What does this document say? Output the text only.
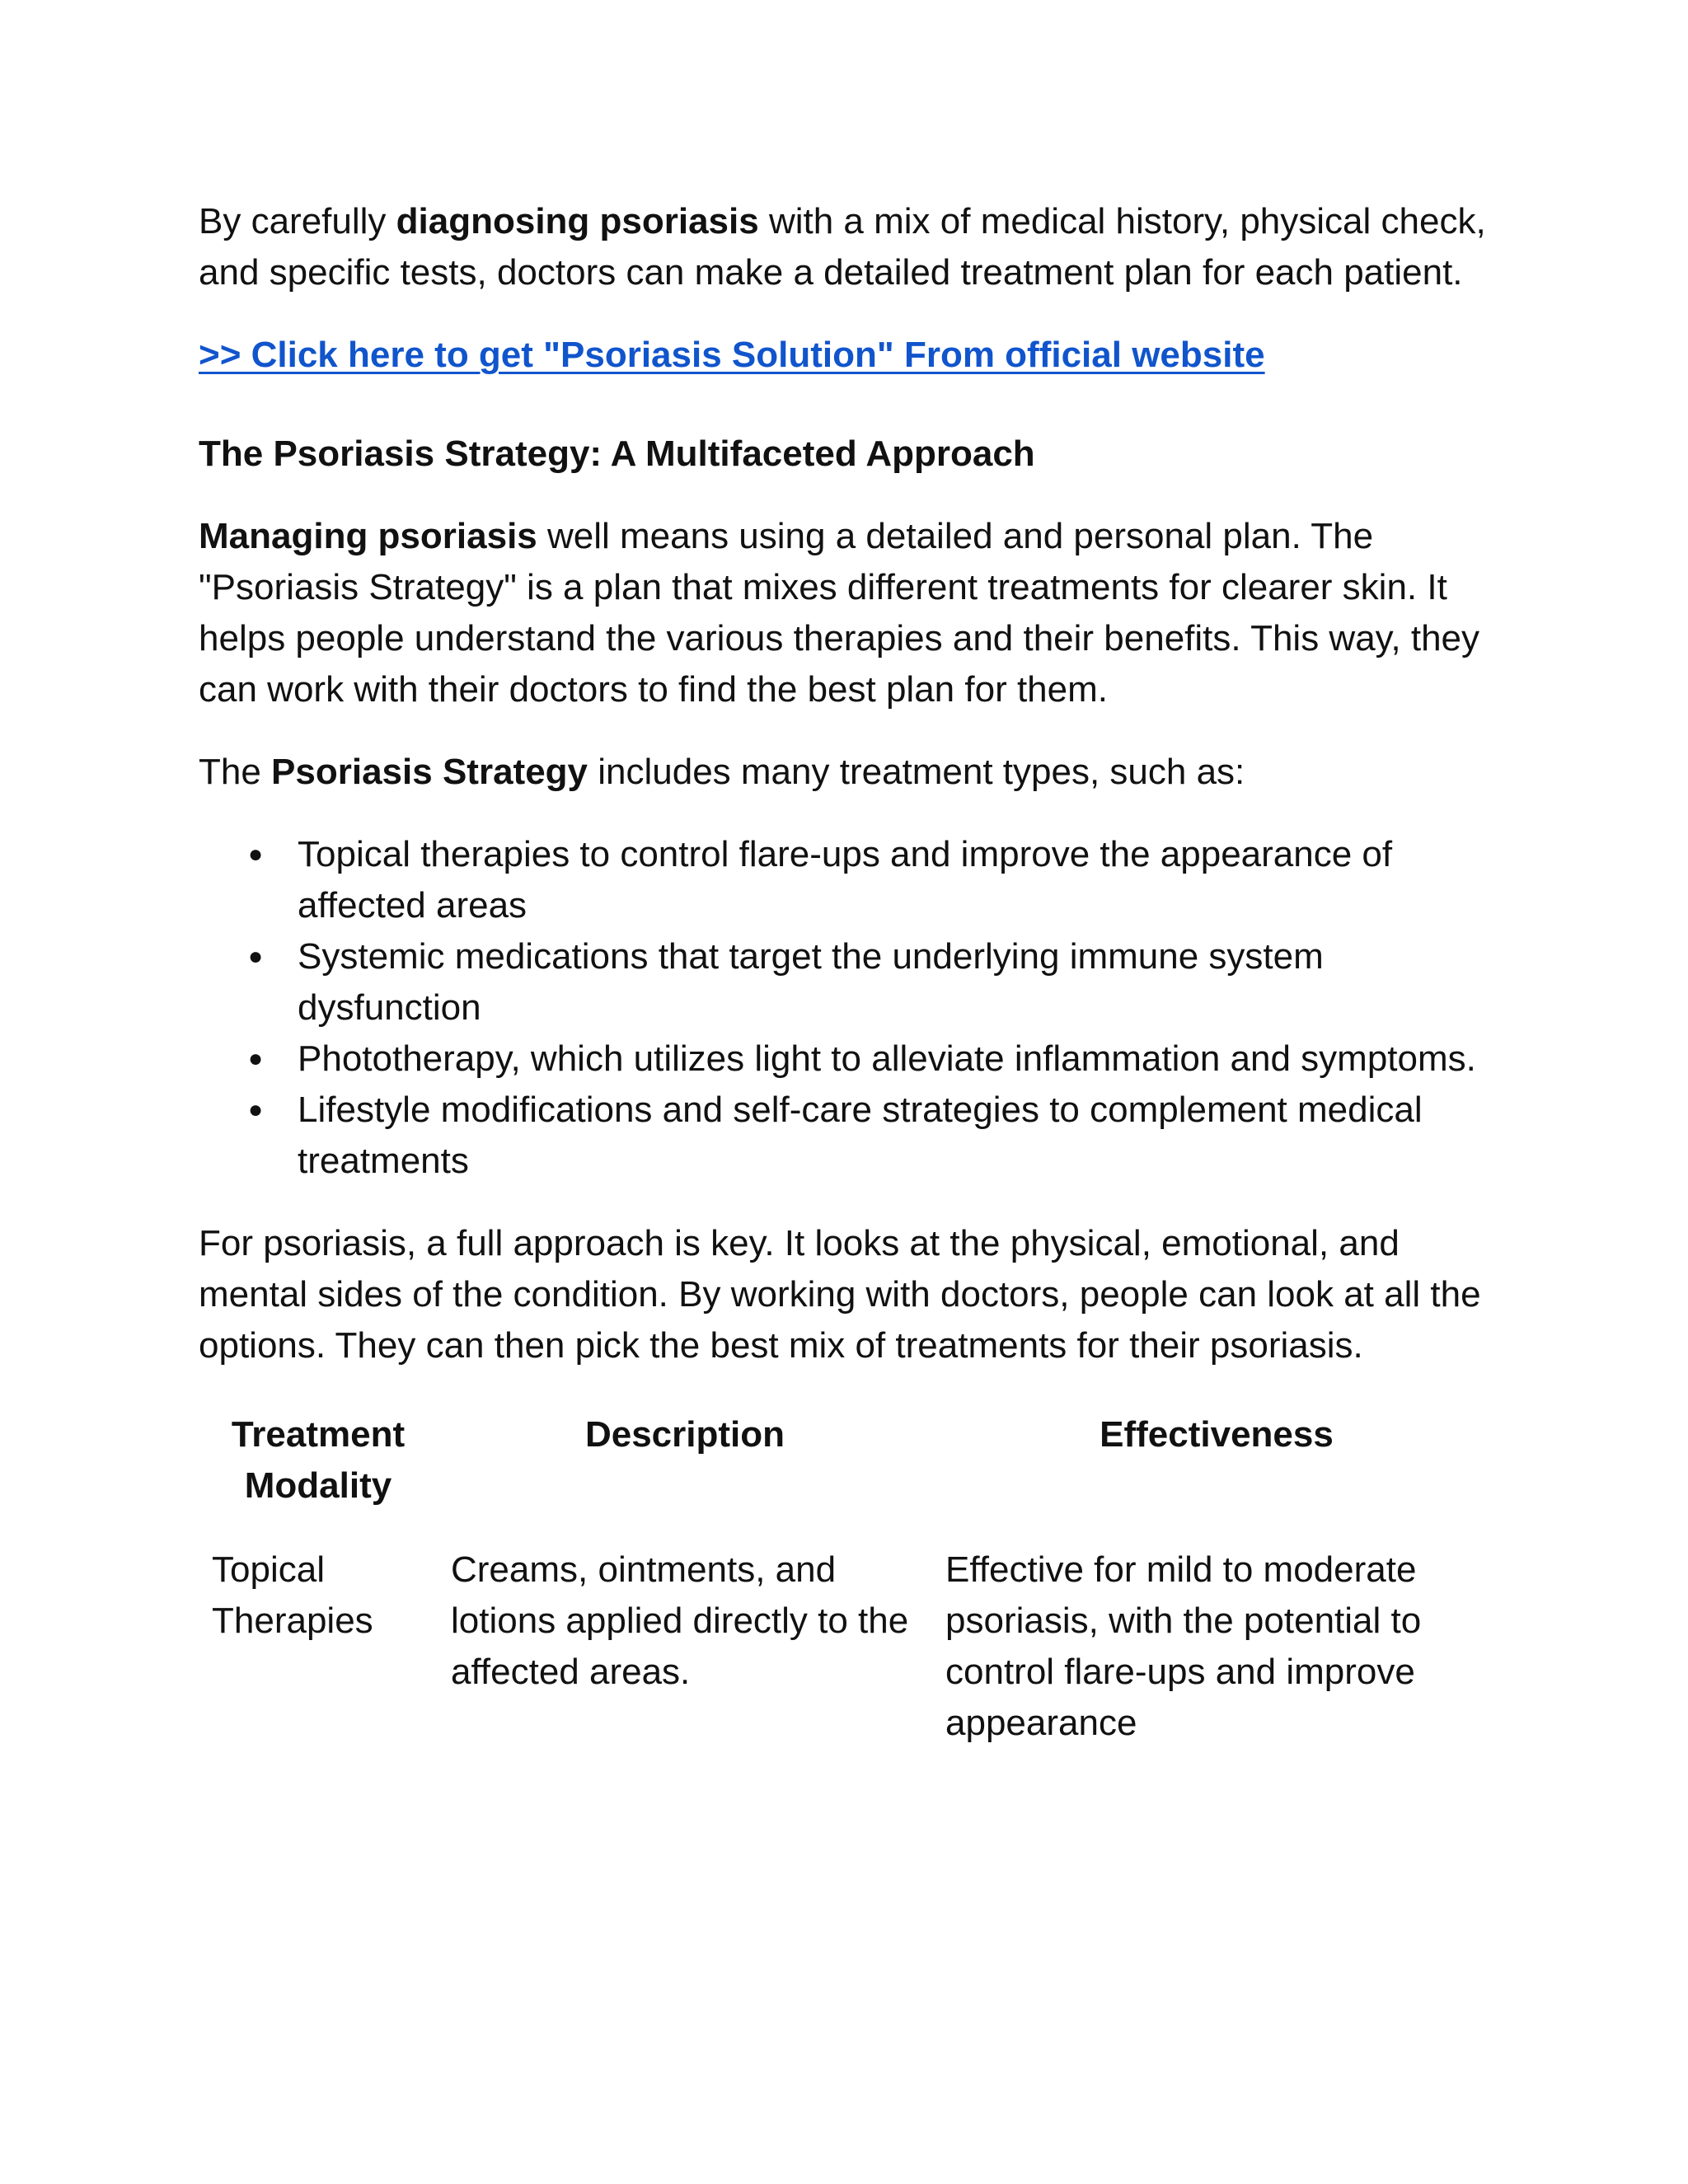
By carefully diagnosing psoriasis with a mix of medical history, physical check, and specific tests, doctors can make a detailed treatment plan for each patient.

>> Click here to get "Psoriasis Solution" From official website

The Psoriasis Strategy: A Multifaceted Approach

Managing psoriasis well means using a detailed and personal plan. The "Psoriasis Strategy" is a plan that mixes different treatments for clearer skin. It helps people understand the various therapies and their benefits. This way, they can work with their doctors to find the best plan for them.

The Psoriasis Strategy includes many treatment types, such as:

● Topical therapies to control flare-ups and improve the appearance of affected areas
● Systemic medications that target the underlying immune system dysfunction
● Phototherapy, which utilizes light to alleviate inflammation and symptoms.
● Lifestyle modifications and self-care strategies to complement medical treatments

For psoriasis, a full approach is key. It looks at the physical, emotional, and mental sides of the condition. By working with doctors, people can look at all the options. They can then pick the best mix of treatments for their psoriasis.

Treatment Modality	Description	Effectiveness
Topical Therapies	Creams, ointments, and lotions applied directly to the affected areas.	Effective for mild to moderate psoriasis, with the potential to control flare-ups and improve appearance
